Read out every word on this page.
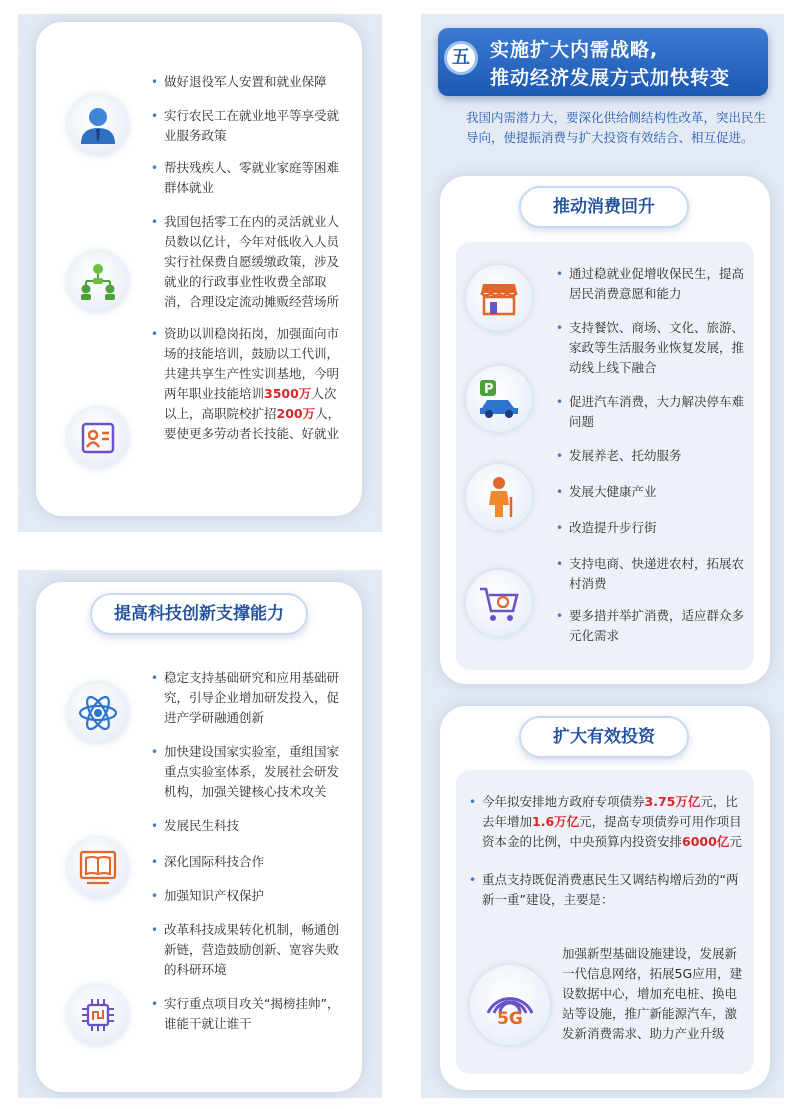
• 做好退役军人安置和就业保障
• 实行农民工在就业地平等享受就业服务政策
• 帮扶残疾人、零就业家庭等困难群体就业
• 我国包括零工在内的灵活就业人员数以亿计，今年对低收入人员实行社保费自愿缓缴政策，涉及就业的行政事业性收费全部取消，合理设定流动摊贩经营场所
• 资助以训稳岗拓岗，加强面向市场的技能培训，鼓励以工代训，共建共享生产性实训基地，今明两年职业技能培训3500万人次以上，高职院校扩招200万人，要使更多劳动者长技能、好就业
提高科技创新支撑能力
• 稳定支持基础研究和应用基础研究，引导企业增加研发投入，促进产学研融通创新
• 加快建设国家实验室，重组国家重点实验室体系，发展社会研发机构，加强关键核心技术攻关
• 发展民生科技
• 深化国际科技合作
• 加强知识产权保护
• 改革科技成果转化机制，畅通创新链，营造鼓励创新、宽容失败的科研环境
• 实行重点项目攻关“揭榜挂帅”，谁能干就让谁干
五	实施扩大内需战略,
推动经济发展方式加快转变
我国内需潜力大，要深化供给侧结构性改革，突出民生导向，使提振消费与扩大投资有效结合、相互促进。
推动消费回升
P
• 通过稳就业促增收保民生，提高居民消费意愿和能力
• 支持餐饮、商场、文化、旅游、家政等生活服务业恢复发展，推动线上线下融合
• 促进汽车消费，大力解决停车难问题
• 发展养老、托幼服务
• 发展大健康产业
• 改造提升步行街
• 支持电商、快递进农村，拓展农村消费
• 要多措并举扩消费，适应群众多元化需求
扩大有效投资
• 今年拟安排地方政府专项债券3.75万亿元，比去年增加1.6万亿元，提高专项债券可用作项目资本金的比例，中央预算内投资安排6000亿元
• 重点支持既促消费惠民生又调结构增后劲的“两新一重”建设，主要是：
5G
加强新型基础设施建设，发展新一代信息网络，拓展5G应用，建设数据中心，增加充电桩、换电站等设施，推广新能源汽车，激发新消费需求、助力产业升级
